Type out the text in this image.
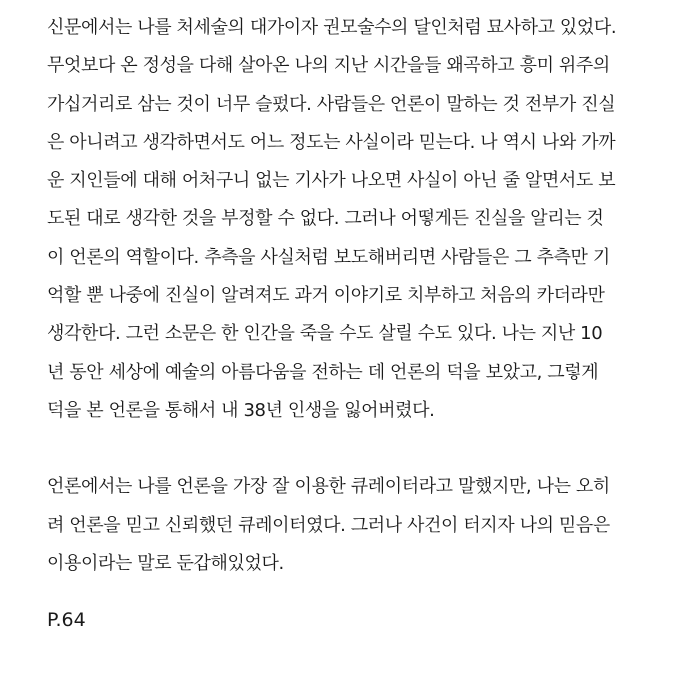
신문에서는 나를 처세술의 대가이자 권모술수의 달인처럼 묘사하고 있었다.
무엇보다 온 정성을 다해 살아온 나의 지난 시간을들 왜곡하고 흥미 위주의
가십거리로 삼는 것이 너무 슬펐다. 사람들은 언론이 말하는 것 전부가 진실
은 아니려고 생각하면서도 어느 정도는 사실이라 믿는다. 나 역시 나와 가까
운 지인들에 대해 어처구니 없는 기사가 나오면 사실이 아닌 줄 알면서도 보
도된 대로 생각한 것을 부정할 수 없다. 그러나 어떻게든 진실을 알리는 것
이 언론의 역할이다. 추측을 사실처럼 보도해버리면 사람들은 그 추측만 기
억할 뿐 나중에 진실이 알려져도 과거 이야기로 치부하고 처음의 카더라만
생각한다. 그런 소문은 한 인간을 죽을 수도 살릴 수도 있다. 나는 지난 10
년 동안 세상에 예술의 아름다움을 전하는 데 언론의 덕을 보았고, 그렇게
덕을 본 언론을 통해서 내 38년 인생을 잃어버렸다.

언론에서는 나를 언론을 가장 잘 이용한 큐레이터라고 말했지만, 나는 오히
려 언론을 믿고 신뢰했던 큐레이터였다. 그러나 사건이 터지자 나의 믿음은
이용이라는 말로 둔갑해있었다.

P.64
